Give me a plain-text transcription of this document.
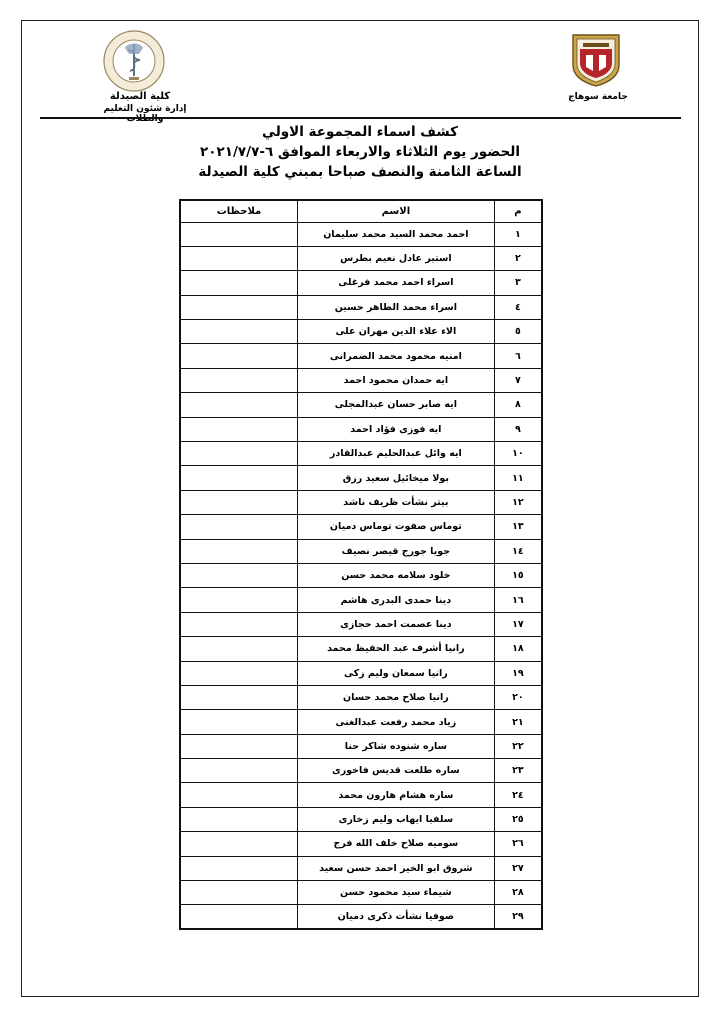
كلية الصيدلة
إدارة شئون التعليم والطلاب
جامعة سوهاج
كشف اسماء المجموعة الاولي
الحضور يوم الثلاثاء والاربعاء الموافق ٦-٢٠٢١/٧/٧
الساعة الثامنة والنصف صباحا بمبني كلية الصيدلة
م	الاسم	ملاحظات
١	احمد محمد السيد محمد سليمان	
٢	استير عادل نعيم بطرس	
٣	اسراء احمد محمد فرغلى	
٤	اسراء محمد الطاهر حسين	
٥	الاء علاء الدين مهران على	
٦	امنيه محمود محمد الضمرانى	
٧	ايه حمدان محمود احمد	
٨	ايه صابر حسان عبدالمجلى	
٩	ايه فوزى فؤاد احمد	
١٠	ايه وائل عبدالحليم عبدالقادر	
١١	بولا ميخائيل سعيد رزق	
١٢	بيتر نشأت ظريف ناشد	
١٣	توماس صفوت توماس دميان	
١٤	جويا جورج قيصر نصيف	
١٥	خلود سلامه محمد حسن	
١٦	دينا حمدى البدرى هاشم	
١٧	دينا عصمت احمد حجازى	
١٨	رانيا أشرف عبد الحفيظ محمد	
١٩	رانيا سمعان وليم زكى	
٢٠	رانيا صلاح محمد حسان	
٢١	زياد محمد رفعت عبدالغنى	
٢٢	ساره شنوده شاكر حنا	
٢٣	ساره طلعت قديس فاخورى	
٢٤	ساره هشام هارون محمد	
٢٥	سلفيا ايهاب وليم زخارى	
٢٦	سوميه صلاح خلف الله فرج	
٢٧	شروق ابو الخير احمد حسن سعيد	
٢٨	شيماء سيد محمود حسن	
٢٩	صوفيا نشأت ذكرى دميان	
